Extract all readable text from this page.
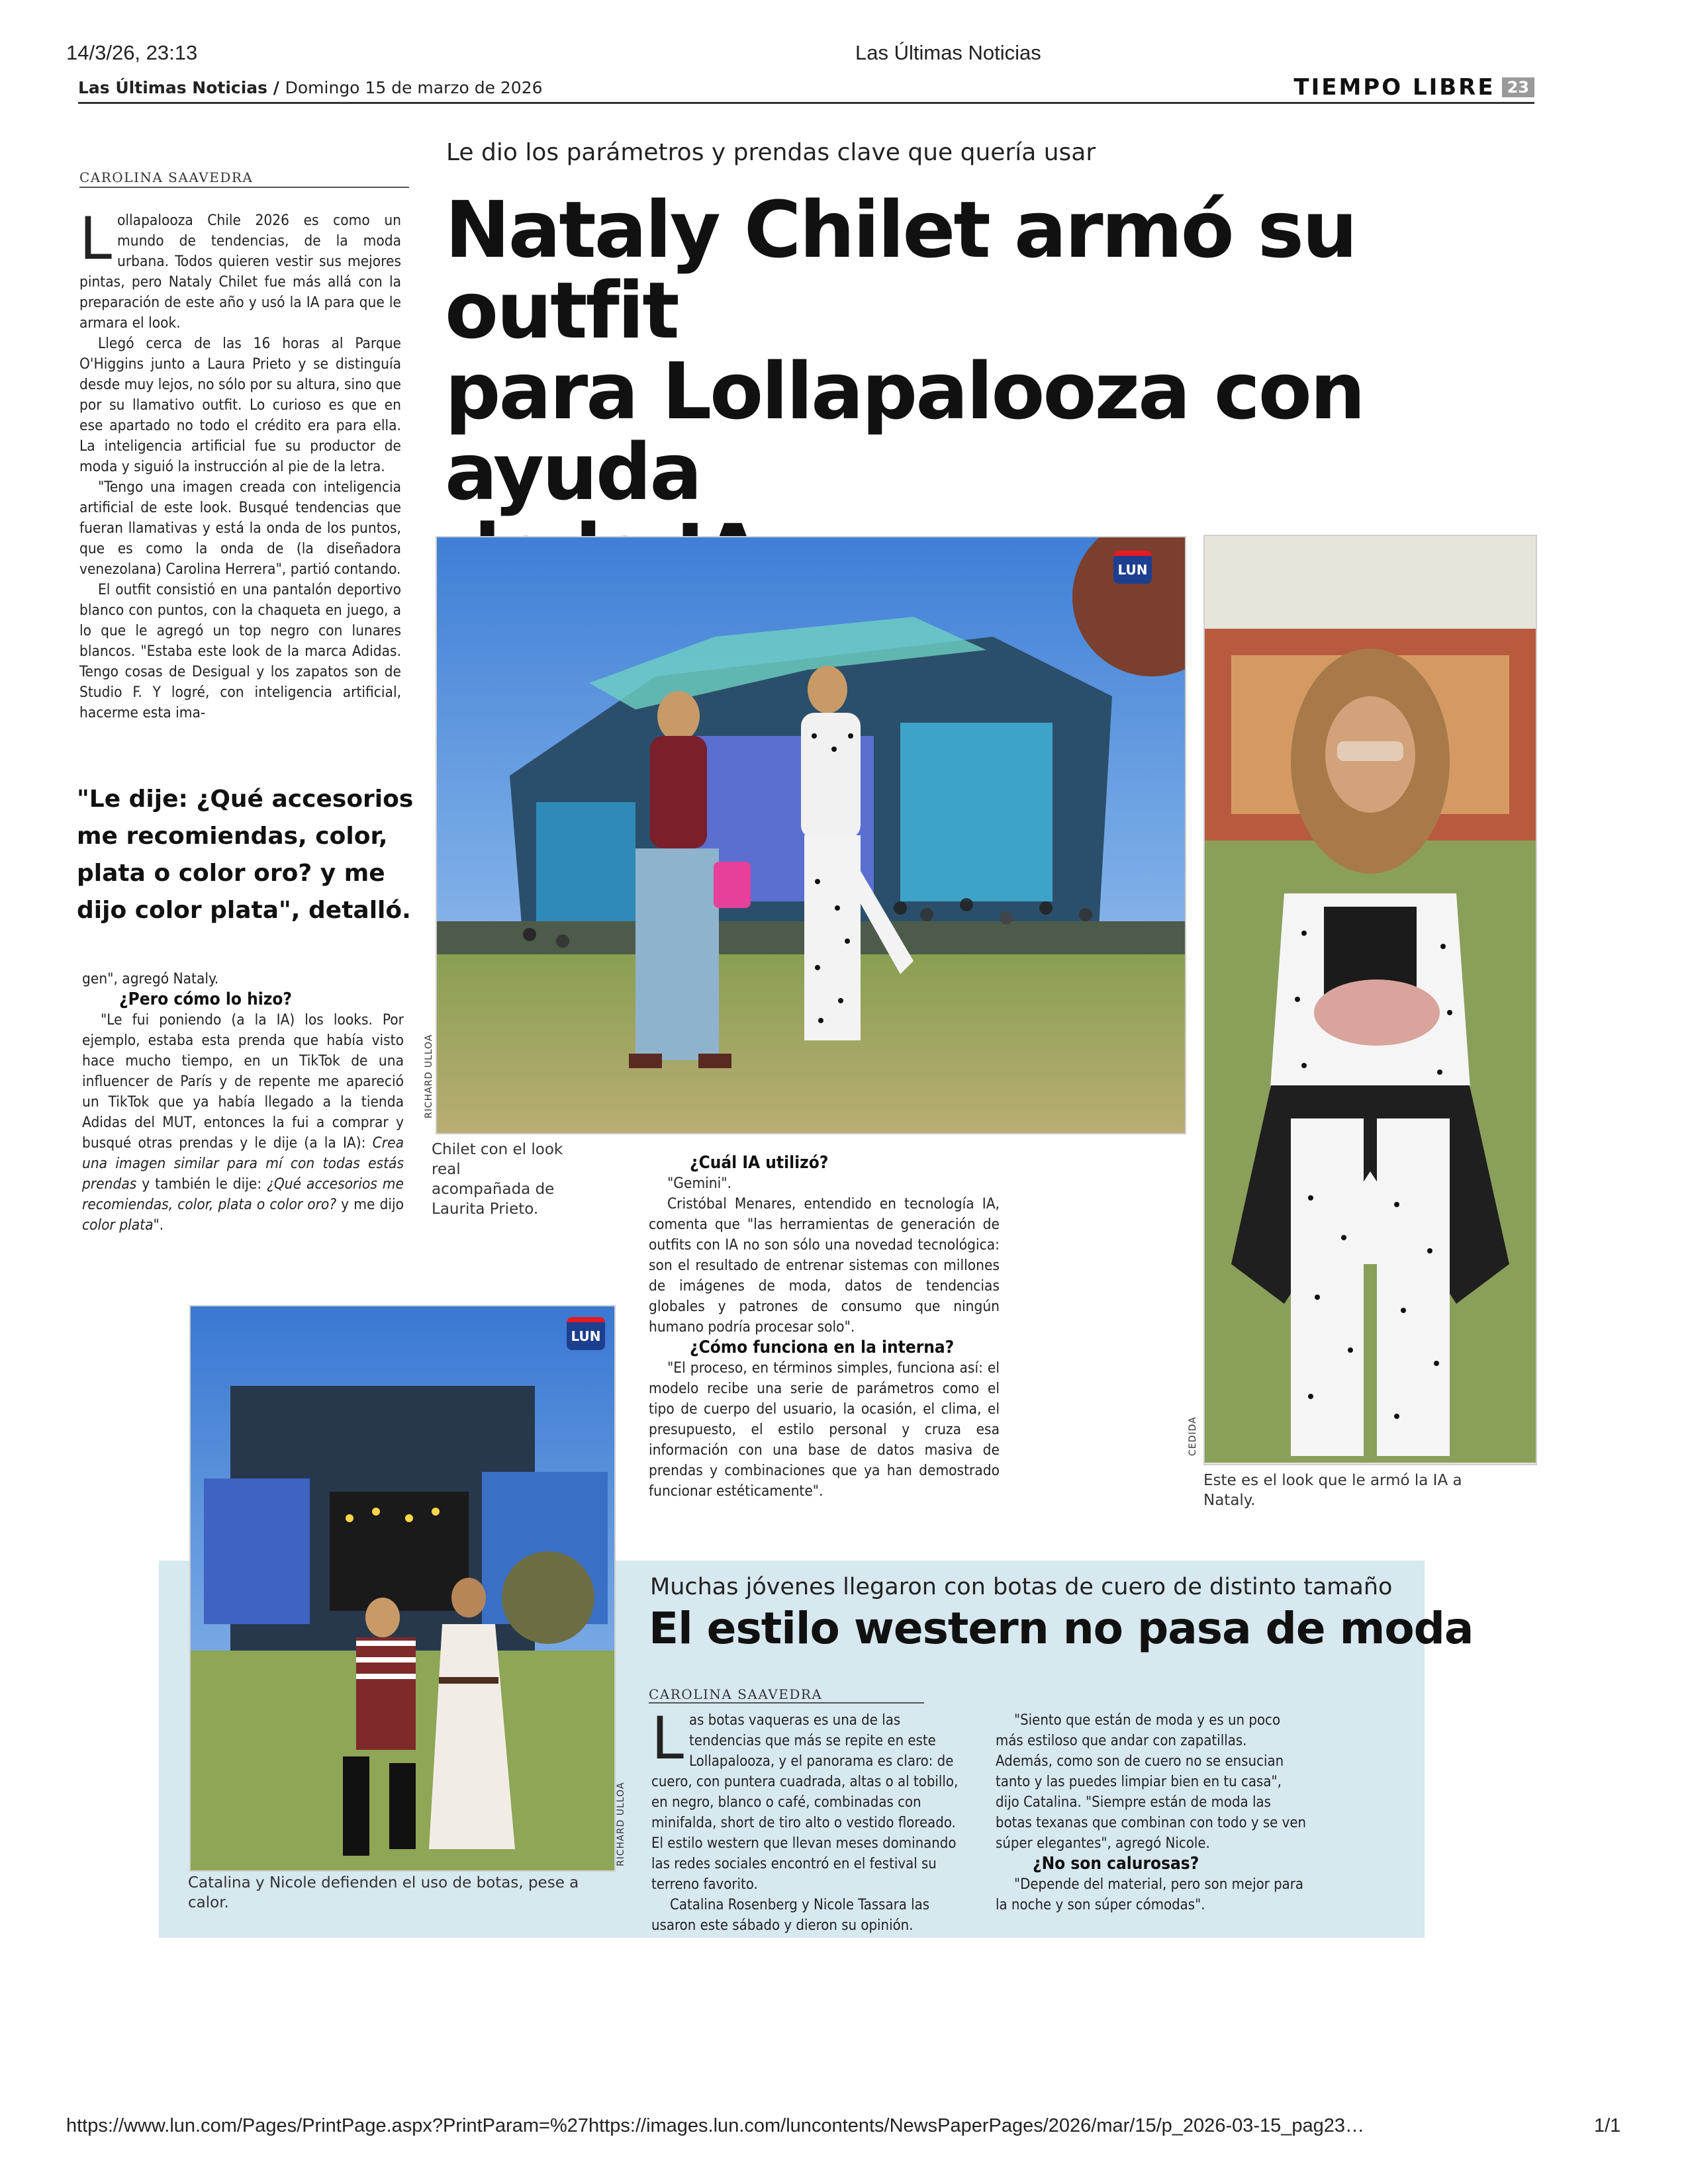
14/3/26, 23:13	Las Últimas Noticias
https://www.lun.com/Pages/PrintPage.aspx?PrintParam=%27https://images.lun.com/luncontents/NewsPaperPages/2026/mar/15/p_2026-03-15_pag23…	1/1
Las Últimas Noticias / Domingo 15 de marzo de 2026	TIEMPO LIBRE 23
CAROLINA SAAVEDRA

Lollapalooza Chile 2026 es como un mundo de tendencias, de la moda urbana. Todos quieren vestir sus mejores pintas, pero Nataly Chilet fue más allá con la preparación de este año y usó la IA para que le armara el look.

Llegó cerca de las 16 horas al Parque O'Higgins junto a Laura Prieto y se distinguía desde muy lejos, no sólo por su altura, sino que por su llamativo outfit. Lo curioso es que en ese apartado no todo el crédito era para ella. La inteligencia artificial fue su productor de moda y siguió la instrucción al pie de la letra.

"Tengo una imagen creada con inteligencia artificial de este look. Busqué tendencias que fueran llamativas y está la onda de los puntos, que es como la onda de (la diseñadora venezolana) Carolina Herrera", partió contando.

El outfit consistió en una pantalón deportivo blanco con puntos, con la chaqueta en juego, a lo que le agregó un top negro con lunares blancos. "Estaba este look de la marca Adidas. Tengo cosas de Desigual y los zapatos son de Studio F. Y logré, con inteligencia artificial, hacerme esta ima-

"Le dije: ¿Qué accesorios me recomiendas, color, plata o color oro? y me dijo color plata", detalló.

gen", agregó Nataly.

¿Pero cómo lo hizo?

"Le fui poniendo (a la IA) los looks. Por ejemplo, estaba esta prenda que había visto hace mucho tiempo, en un TikTok de una influencer de París y de repente me apareció un TikTok que ya había llegado a la tienda Adidas del MUT, entonces la fui a comprar y busqué otras prendas y le dije (a la IA): Crea una imagen similar para mí con todas estás prendas y también le dije: ¿Qué accesorios me recomiendas, color, plata o color oro? y me dijo color plata".

Le dio los parámetros y prendas clave que quería usar
Nataly Chilet armó su outfit
para Lollapalooza con ayuda
LUN
RICHARD ULLOA
Chilet con el look real acompañada de Laurita Prieto.

¿Cuál IA utilizó?

"Gemini".

Cristóbal Menares, entendido en tecnología IA, comenta que "las herramientas de generación de outfits con IA no son sólo una novedad tecnológica: son el resultado de entrenar sistemas con millones de imágenes de moda, datos de tendencias globales y patrones de consumo que ningún humano podría procesar solo".

¿Cómo funciona en la interna?

"El proceso, en términos simples, funciona así: el modelo recibe una serie de parámetros como el tipo de cuerpo del usuario, la ocasión, el clima, el presupuesto, el estilo personal y cruza esa información con una base de datos masiva de prendas y combinaciones que ya han demostrado funcionar estéticamente".

CEDIDA
Este es el look que le armó la IA a Nataly.
LUN
RICHARD ULLOA
Catalina y Nicole defienden el uso de botas, pese a calor.
Muchas jóvenes llegaron con botas de cuero de distinto tamaño
El estilo western no pasa de moda
CAROLINA SAAVEDRA

Las botas vaqueras es una de las tendencias que más se repite en este Lollapalooza, y el panorama es claro: de cuero, con puntera cuadrada, altas o al tobillo, en negro, blanco o café, combinadas con minifalda, short de tiro alto o vestido floreado. El estilo western que llevan meses dominando las redes sociales encontró en el festival su terreno favorito.

Catalina Rosenberg y Nicole Tassara las usaron este sábado y dieron su opinión.

"Siento que están de moda y es un poco más estiloso que andar con zapatillas. Además, como son de cuero no se ensucian tanto y las puedes limpiar bien en tu casa", dijo Catalina. "Siempre están de moda las botas texanas que combinan con todo y se ven súper elegantes", agregó Nicole.

¿No son calurosas?

"Depende del material, pero son mejor para la noche y son súper cómodas".
